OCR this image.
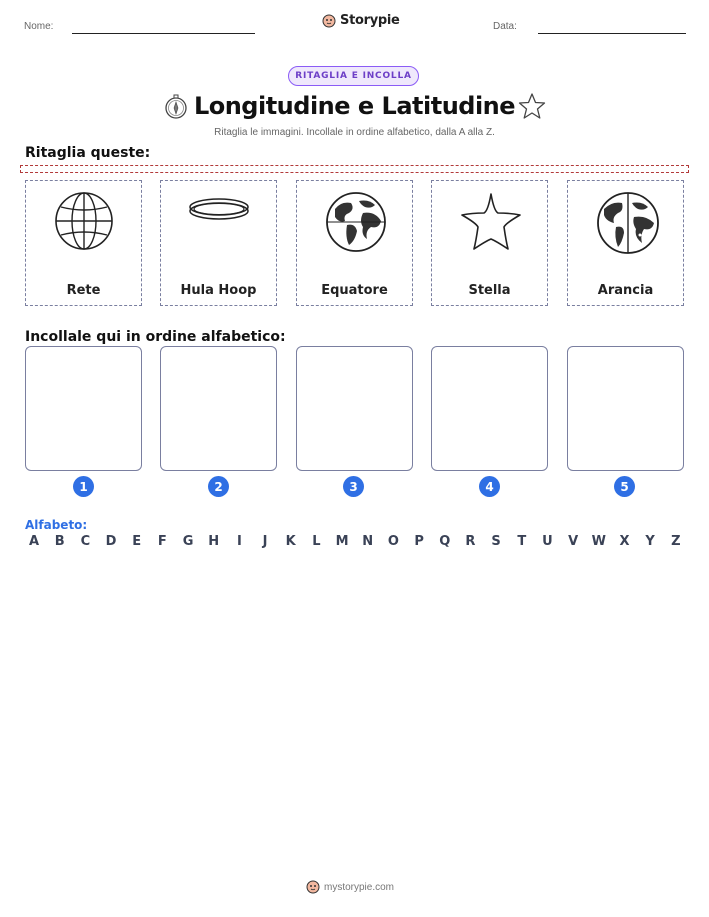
Nome:	Storypie	Data:
RITAGLIA E INCOLLA
Longitudine e Latitudine
Ritaglia le immagini. Incollale in ordine alfabetico, dalla A alla Z.
Ritaglia queste:
Rete	Hula Hoop	Equatore	Stella	Arancia
Incollale qui in ordine alfabetico:
1	2	3	4	5
Alfabeto:
A	B	C	D	E	F	G H	I	J	K	L	M N O	P	Q	R	S	T	U	V	W	X	Y	Z
mystorypie.com
